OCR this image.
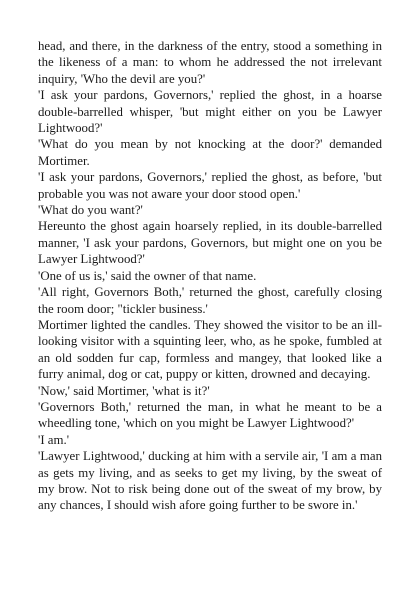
head, and there, in the darkness of the entry, stood a something in the likeness of a man: to whom he addressed the not irrelevant inquiry, 'Who the devil are you?'

'I ask your pardons, Governors,' replied the ghost, in a hoarse double-barrelled whisper, 'but might either on you be Lawyer Lightwood?'

'What do you mean by not knocking at the door?' demanded Mortimer.

'I ask your pardons, Governors,' replied the ghost, as before, 'but probable you was not aware your door stood open.'

'What do you want?'

Hereunto the ghost again hoarsely replied, in its double-barrelled manner, 'I ask your pardons, Governors, but might one on you be Lawyer Lightwood?'

'One of us is,' said the owner of that name.

'All right, Governors Both,' returned the ghost, carefully closing the room door; "tickler business.'

Mortimer lighted the candles. They showed the visitor to be an ill-looking visitor with a squinting leer, who, as he spoke, fumbled at an old sodden fur cap, formless and mangey, that looked like a furry animal, dog or cat, puppy or kitten, drowned and decaying.

'Now,' said Mortimer, 'what is it?'

'Governors Both,' returned the man, in what he meant to be a wheedling tone, 'which on you might be Lawyer Lightwood?'

'I am.'

'Lawyer Lightwood,' ducking at him with a servile air, 'I am a man as gets my living, and as seeks to get my living, by the sweat of my brow. Not to risk being done out of the sweat of my brow, by any chances, I should wish afore going further to be swore in.'
